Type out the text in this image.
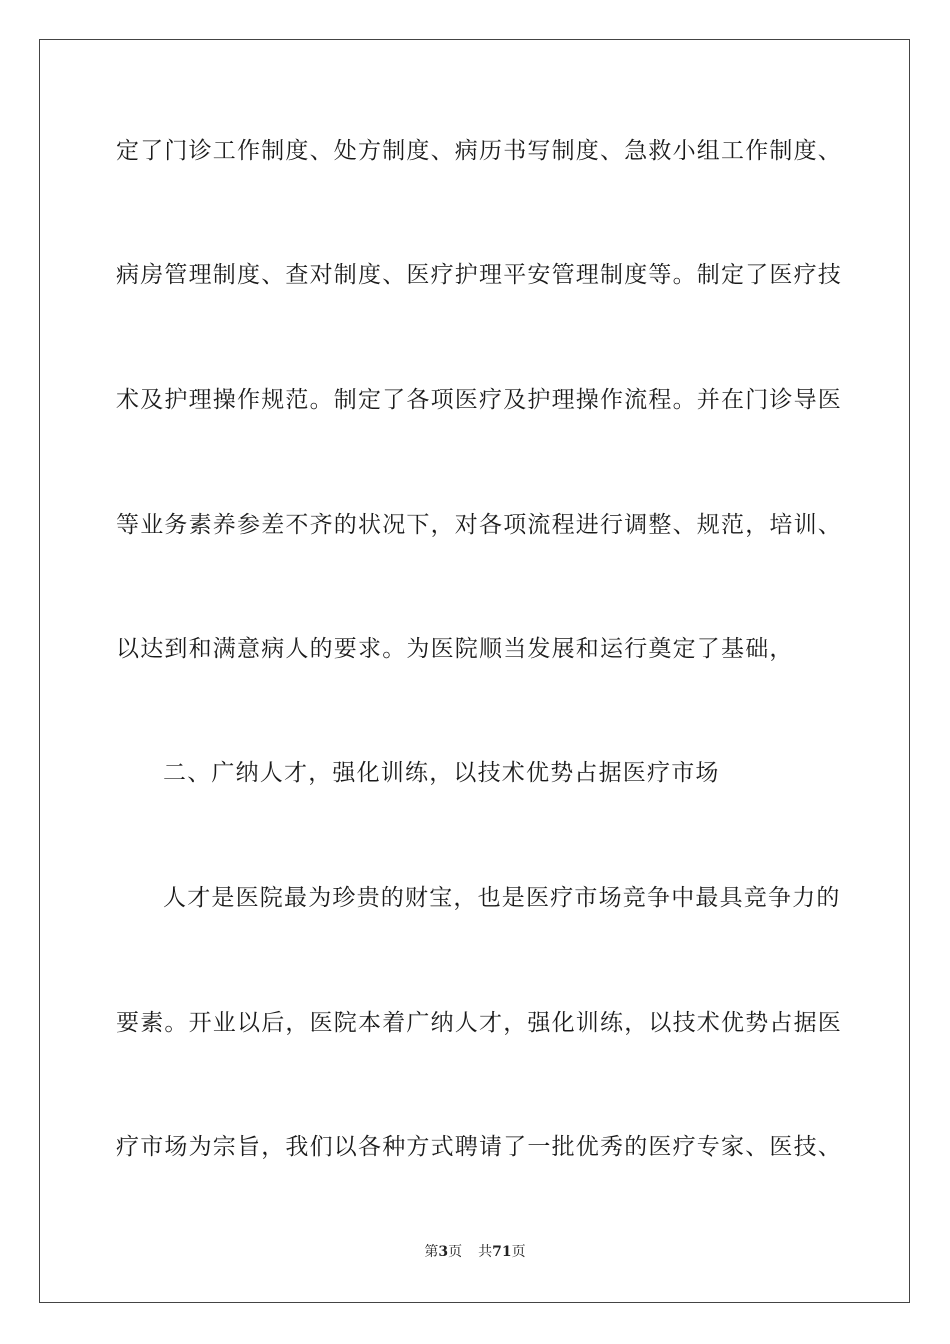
定了门诊工作制度、处方制度、病历书写制度、急救小组工作制度、
病房管理制度、查对制度、医疗护理平安管理制度等。制定了医疗技
术及护理操作规范。制定了各项医疗及护理操作流程。并在门诊导医
等业务素养参差不齐的状况下，对各项流程进行调整、规范，培训、
以达到和满意病人的要求。为医院顺当发展和运行奠定了基础，
二、广纳人才，强化训练，以技术优势占据医疗市场
人才是医院最为珍贵的财宝，也是医疗市场竞争中最具竞争力的
要素。开业以后，医院本着广纳人才，强化训练，以技术优势占据医
疗市场为宗旨，我们以各种方式聘请了一批优秀的医疗专家、医技、
第3页 共71页
